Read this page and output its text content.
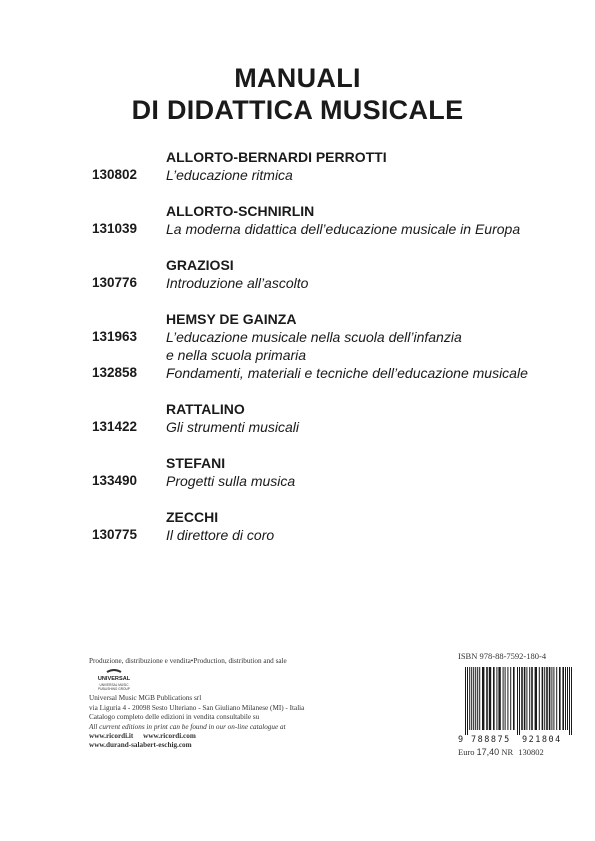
MANUALI
DI DIDATTICA MUSICALE
ALLORTO-BERNARDI PERROTTI
130802 L’educazione ritmica
ALLORTO-SCHNIRLIN
131039 La moderna didattica dell’educazione musicale in Europa
GRAZIOSI
130776 Introduzione all’ascolto
HEMSY DE GAINZA
131963 L’educazione musicale nella scuola dell’infanzia
e nella scuola primaria
132858 Fondamenti, materiali e tecniche dell’educazione musicale
RATTALINO
131422 Gli strumenti musicali
STEFANI
133490 Progetti sulla musica
ZECCHI
130775 Il direttore di coro
Produzione, distribuzione e vendita•Production, distribution and sale
Universal Music MGB Publications srl
via Liguria 4 - 20098 Sesto Ulteriano - San Giuliano Milanese (MI) - Italia
Catalogo completo delle edizioni in vendita consultabile su
All current editions in print can be found in our on-line catalogue at
www.ricordi.it www.ricordi.com
www.durand-salabert-eschig.com
UNIVERSAL
UNIVERSAL MUSIC
PUBLISHING GROUP
ISBN 978-88-7592-180-4
9 788875 921804
Euro 17,40 NR 130802
